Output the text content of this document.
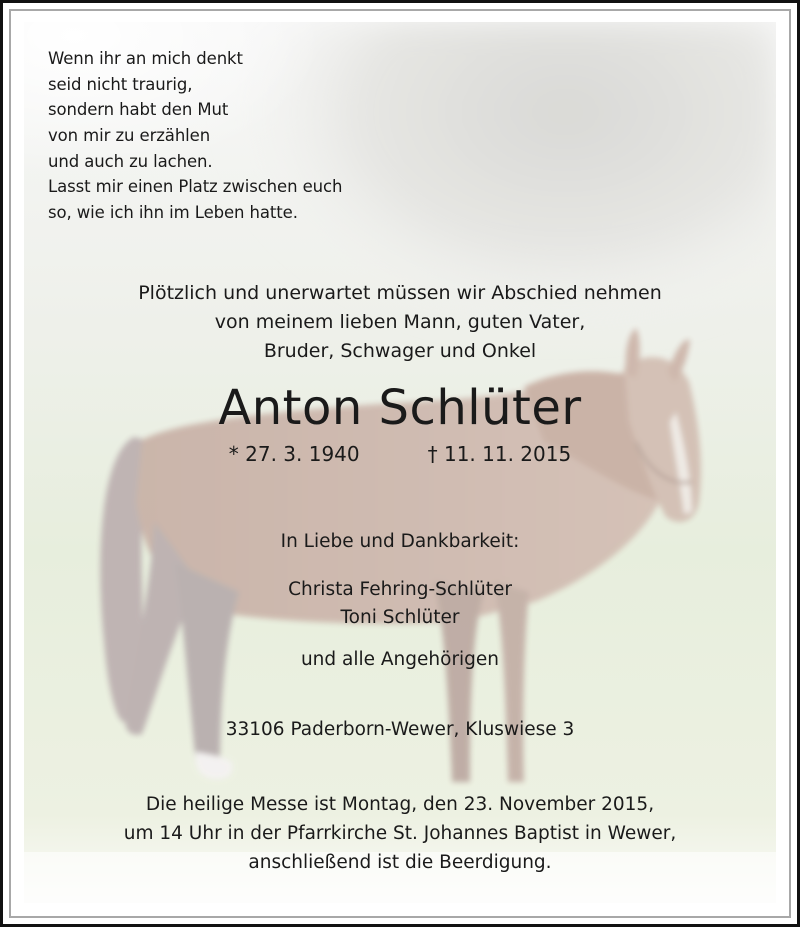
Wenn ihr an mich denkt
seid nicht traurig,
sondern habt den Mut
von mir zu erzählen
und auch zu lachen.
Lasst mir einen Platz zwischen euch
so, wie ich ihn im Leben hatte.
Plötzlich und unerwartet müssen wir Abschied nehmen
von meinem lieben Mann, guten Vater,
Bruder, Schwager und Onkel
Anton Schlüter
* 27. 3. 1940	† 11. 11. 2015
In Liebe und Dankbarkeit:
Christa Fehring-Schlüter
Toni Schlüter
und alle Angehörigen
33106 Paderborn-Wewer, Kluswiese 3
Die heilige Messe ist Montag, den 23. November 2015,
um 14 Uhr in der Pfarrkirche St. Johannes Baptist in Wewer,
anschließend ist die Beerdigung.
